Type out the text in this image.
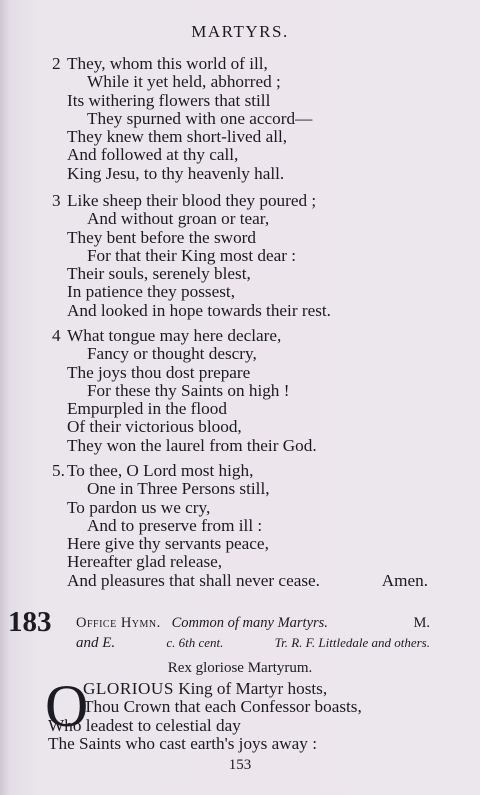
MARTYRS.
2 They, whom this world of ill,
While it yet held, abhorred ;
Its withering flowers that still
They spurned with one accord—
They knew them short-lived all,
And followed at thy call,
King Jesu, to thy heavenly hall.
3 Like sheep their blood they poured ;
And without groan or tear,
They bent before the sword
For that their King most dear :
Their souls, serenely blest,
In patience they possest,
And looked in hope towards their rest.
4 What tongue may here declare,
Fancy or thought descry,
The joys thou dost prepare
For these thy Saints on high !
Empurpled in the flood
Of their victorious blood,
They won the laurel from their God.
5. To thee, O Lord most high,
One in Three Persons still,
To pardon us we cry,
And to preserve from ill :
Here give thy servants peace,
Hereafter glad release,
And pleasures that shall never cease.	Amen.
183 Office Hymn. Common of many Martyrs.	M.
and E.	c. 6th cent.	Tr. R. F. Littledale and others.
Rex gloriose Martyrum.
O
GLORIOUS King of Martyr hosts,
Thou Crown that each Confessor boasts,
Who leadest to celestial day
The Saints who cast earth's joys away :
153
